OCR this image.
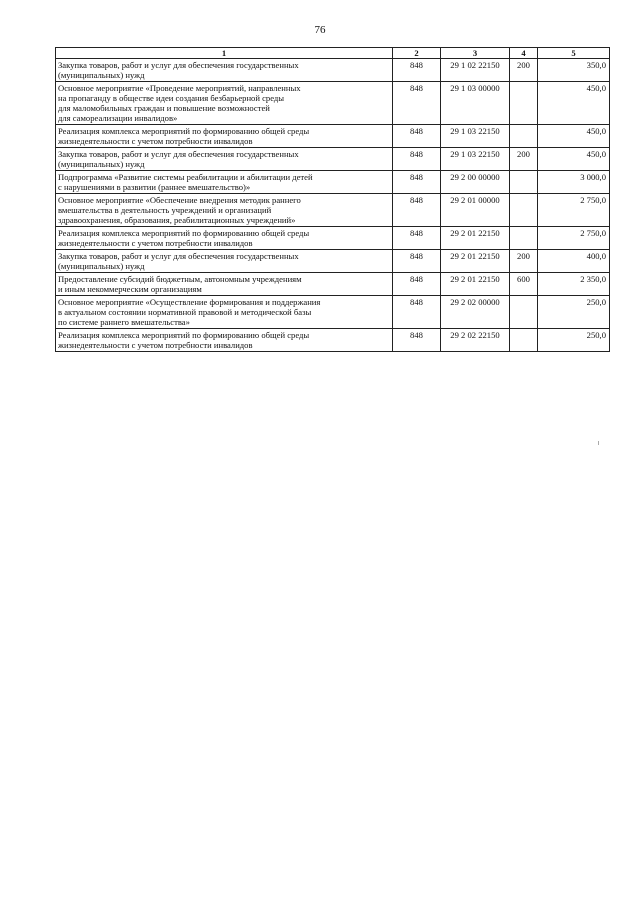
76
1	2	3	4	5

Закупка товаров, работ и услуг для обеспечения государственных
(муниципальных) нужд	848	29 1 02 22150	200	350,0

Основное мероприятие «Проведение мероприятий, направленных
на пропаганду в обществе идеи создания безбарьерной среды
для маломобильных граждан и повышение возможностей
для самореализации инвалидов»	848	29 1 03 00000		450,0

Реализация комплекса мероприятий по формированию общей среды
жизнедеятельности с учетом потребности инвалидов	848	29 1 03 22150		450,0

Закупка товаров, работ и услуг для обеспечения государственных
(муниципальных) нужд	848	29 1 03 22150	200	450,0

Подпрограмма «Развитие системы реабилитации и абилитации детей
с нарушениями в развитии (раннее вмешательство)»	848	29 2 00 00000		3 000,0

Основное мероприятие «Обеспечение внедрения методик раннего
вмешательства в деятельность учреждений и организаций
здравоохранения, образования, реабилитационных учреждений»	848	29 2 01 00000		2 750,0

Реализация комплекса мероприятий по формированию общей среды
жизнедеятельности с учетом потребности инвалидов	848	29 2 01 22150		2 750,0

Закупка товаров, работ и услуг для обеспечения государственных
(муниципальных) нужд	848	29 2 01 22150	200	400,0

Предоставление субсидий бюджетным, автономным учреждениям
и иным некоммерческим организациям	848	29 2 01 22150	600	2 350,0

Основное мероприятие «Осуществление формирования и поддержания
в актуальном состоянии нормативной правовой и методической базы
по системе раннего вмешательства»	848	29 2 02 00000		250,0

Реализация комплекса мероприятий по формированию общей среды
жизнедеятельности с учетом потребности инвалидов	848	29 2 02 22150		250,0
